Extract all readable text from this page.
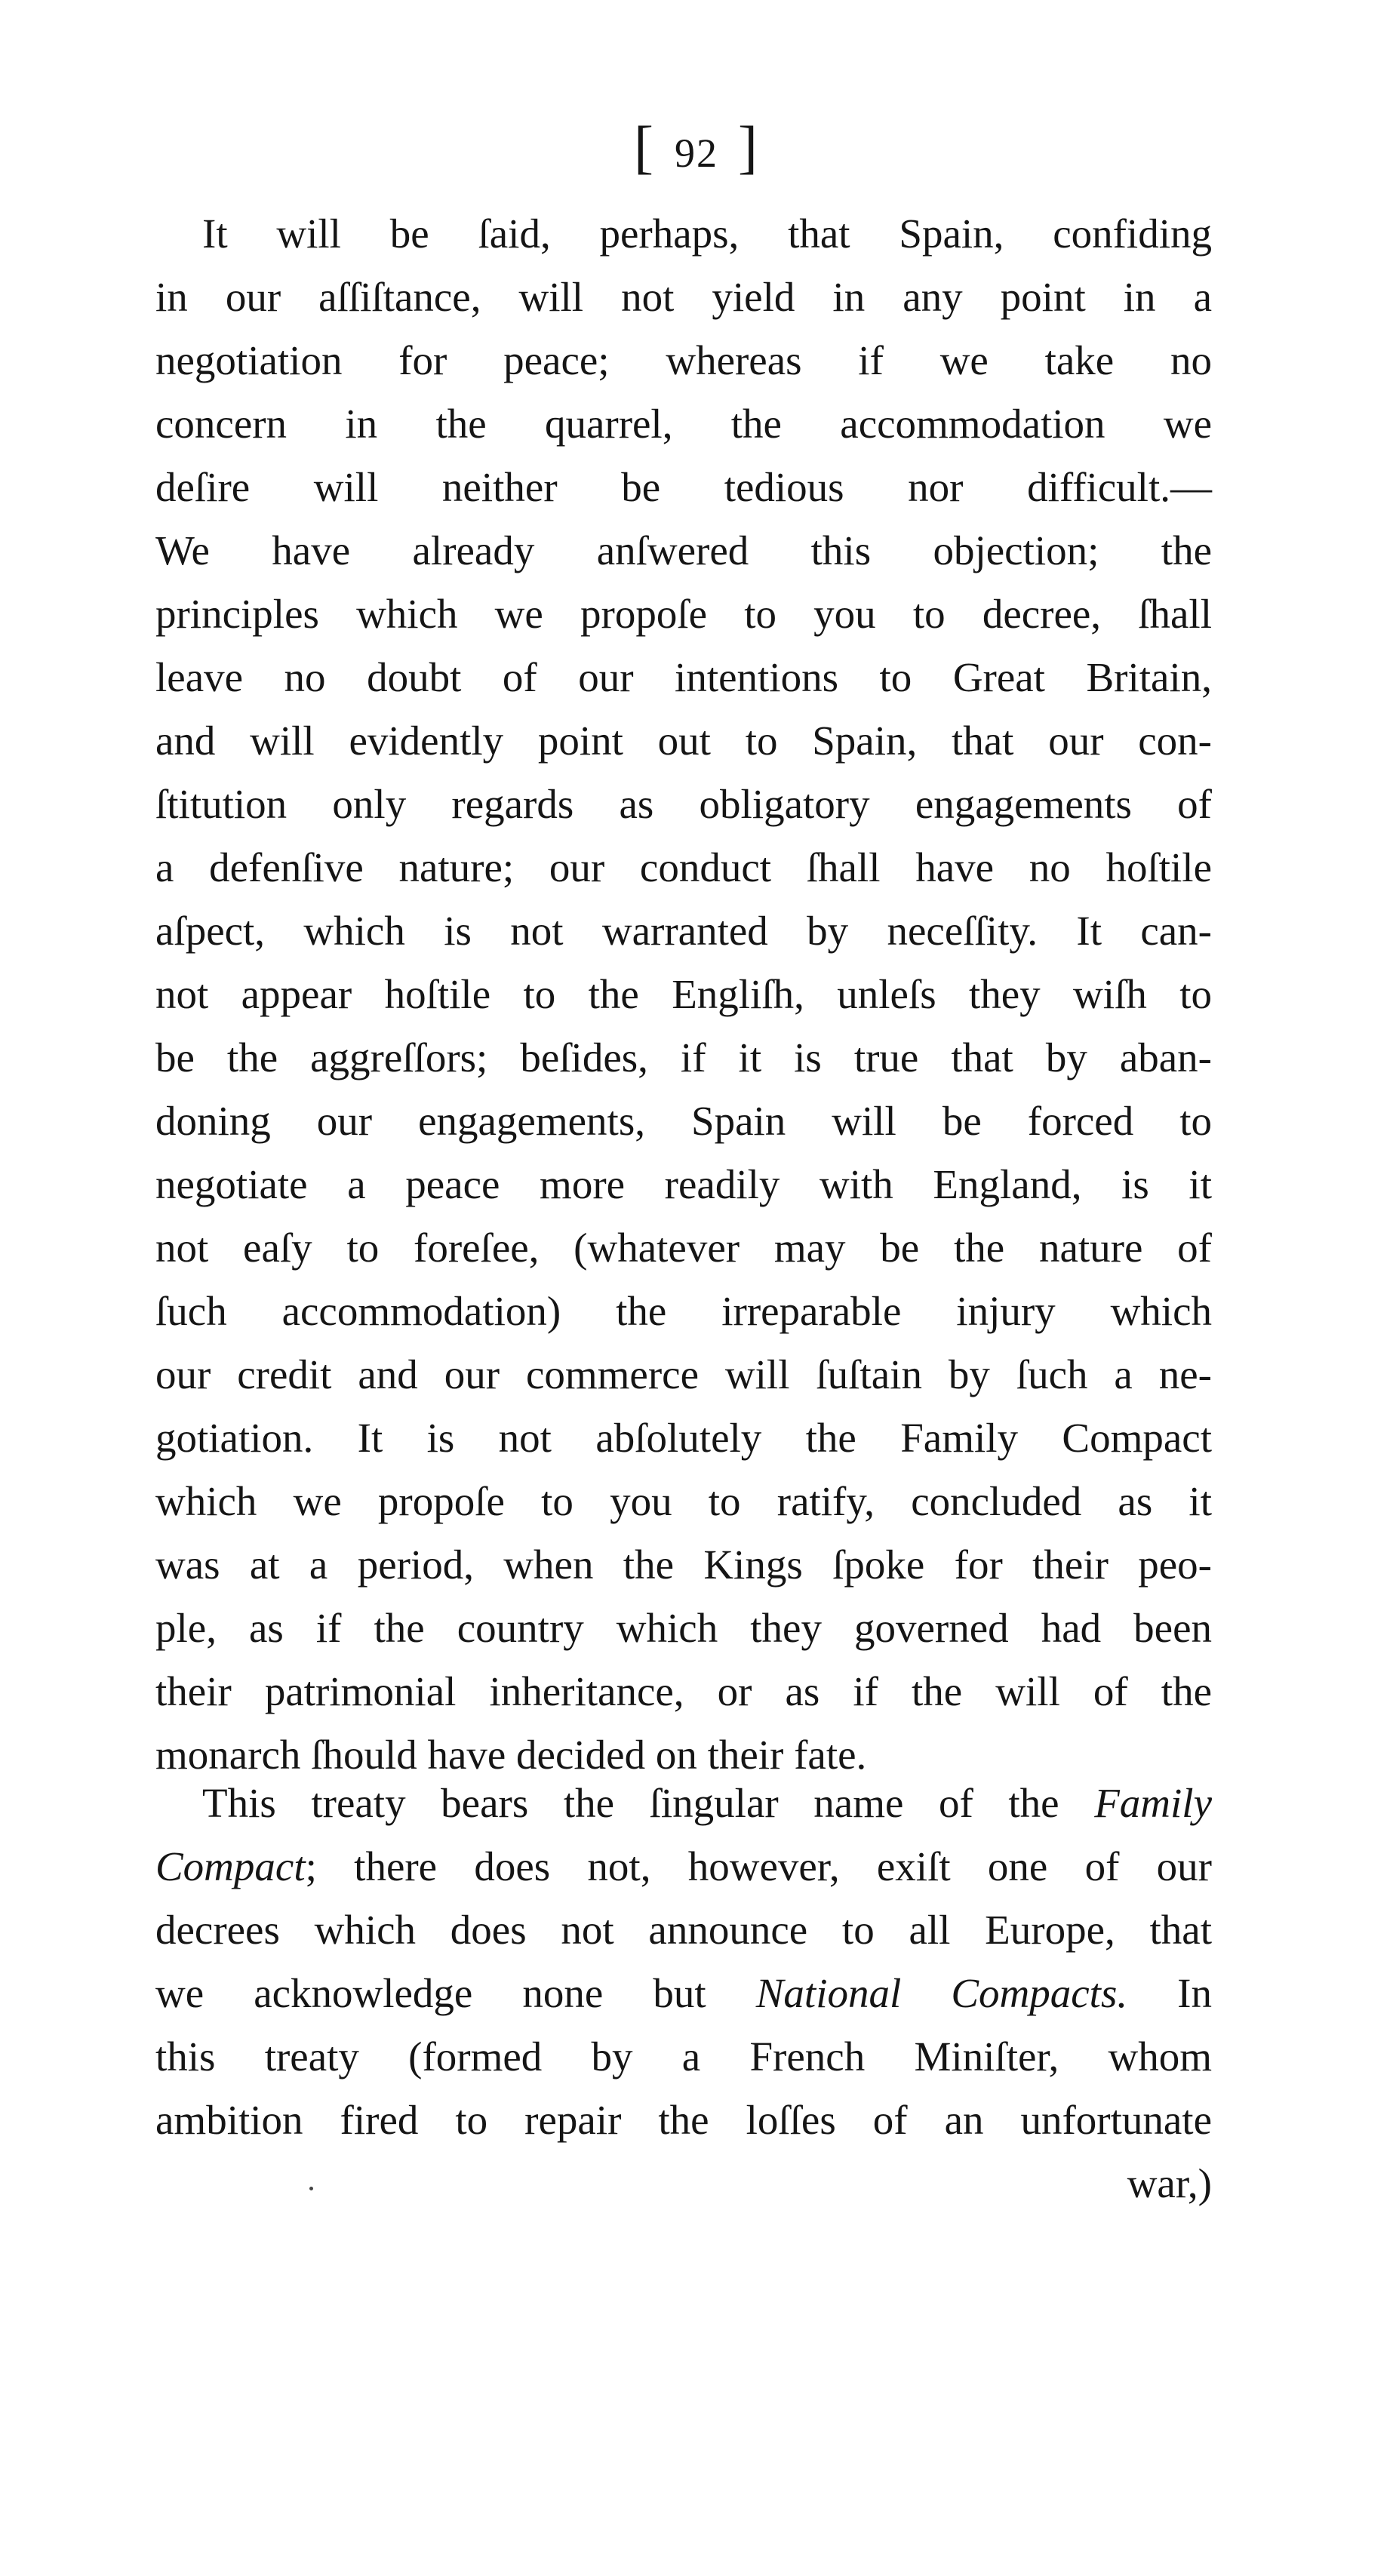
[ 92 ]
It will be ſaid, perhaps, that Spain, confiding
in our aſſiſtance, will not yield in any point in a
negotiation for peace; whereas if we take no
concern in the quarrel, the accommodation we
deſire will neither be tedious nor difficult.—
We have already anſwered this objection; the
principles which we propoſe to you to decree, ſhall
leave no doubt of our intentions to Great Britain,
and will evidently point out to Spain, that our con-
ſtitution only regards as obligatory engagements of
a defenſive nature; our conduct ſhall have no hoſtile
aſpect, which is not warranted by neceſſity. It can-
not appear hoſtile to the Engliſh, unleſs they wiſh to
be the aggreſſors; beſides, if it is true that by aban-
doning our engagements, Spain will be forced to
negotiate a peace more readily with England, is it
not eaſy to foreſee, (whatever may be the nature of
ſuch accommodation) the irreparable injury which
our credit and our commerce will ſuſtain by ſuch a ne-
gotiation. It is not abſolutely the Family Compact
which we propoſe to you to ratify, concluded as it
was at a period, when the Kings ſpoke for their peo-
ple, as if the country which they governed had been
their patrimonial inheritance, or as if the will of the
monarch ſhould have decided on their fate.
This treaty bears the ſingular name of the Family
Compact; there does not, however, exiſt one of our
decrees which does not announce to all Europe, that
we acknowledge none but National Compacts. In
this treaty (formed by a French Miniſter, whom
ambition fired to repair the loſſes of an unfortunate
war,)
